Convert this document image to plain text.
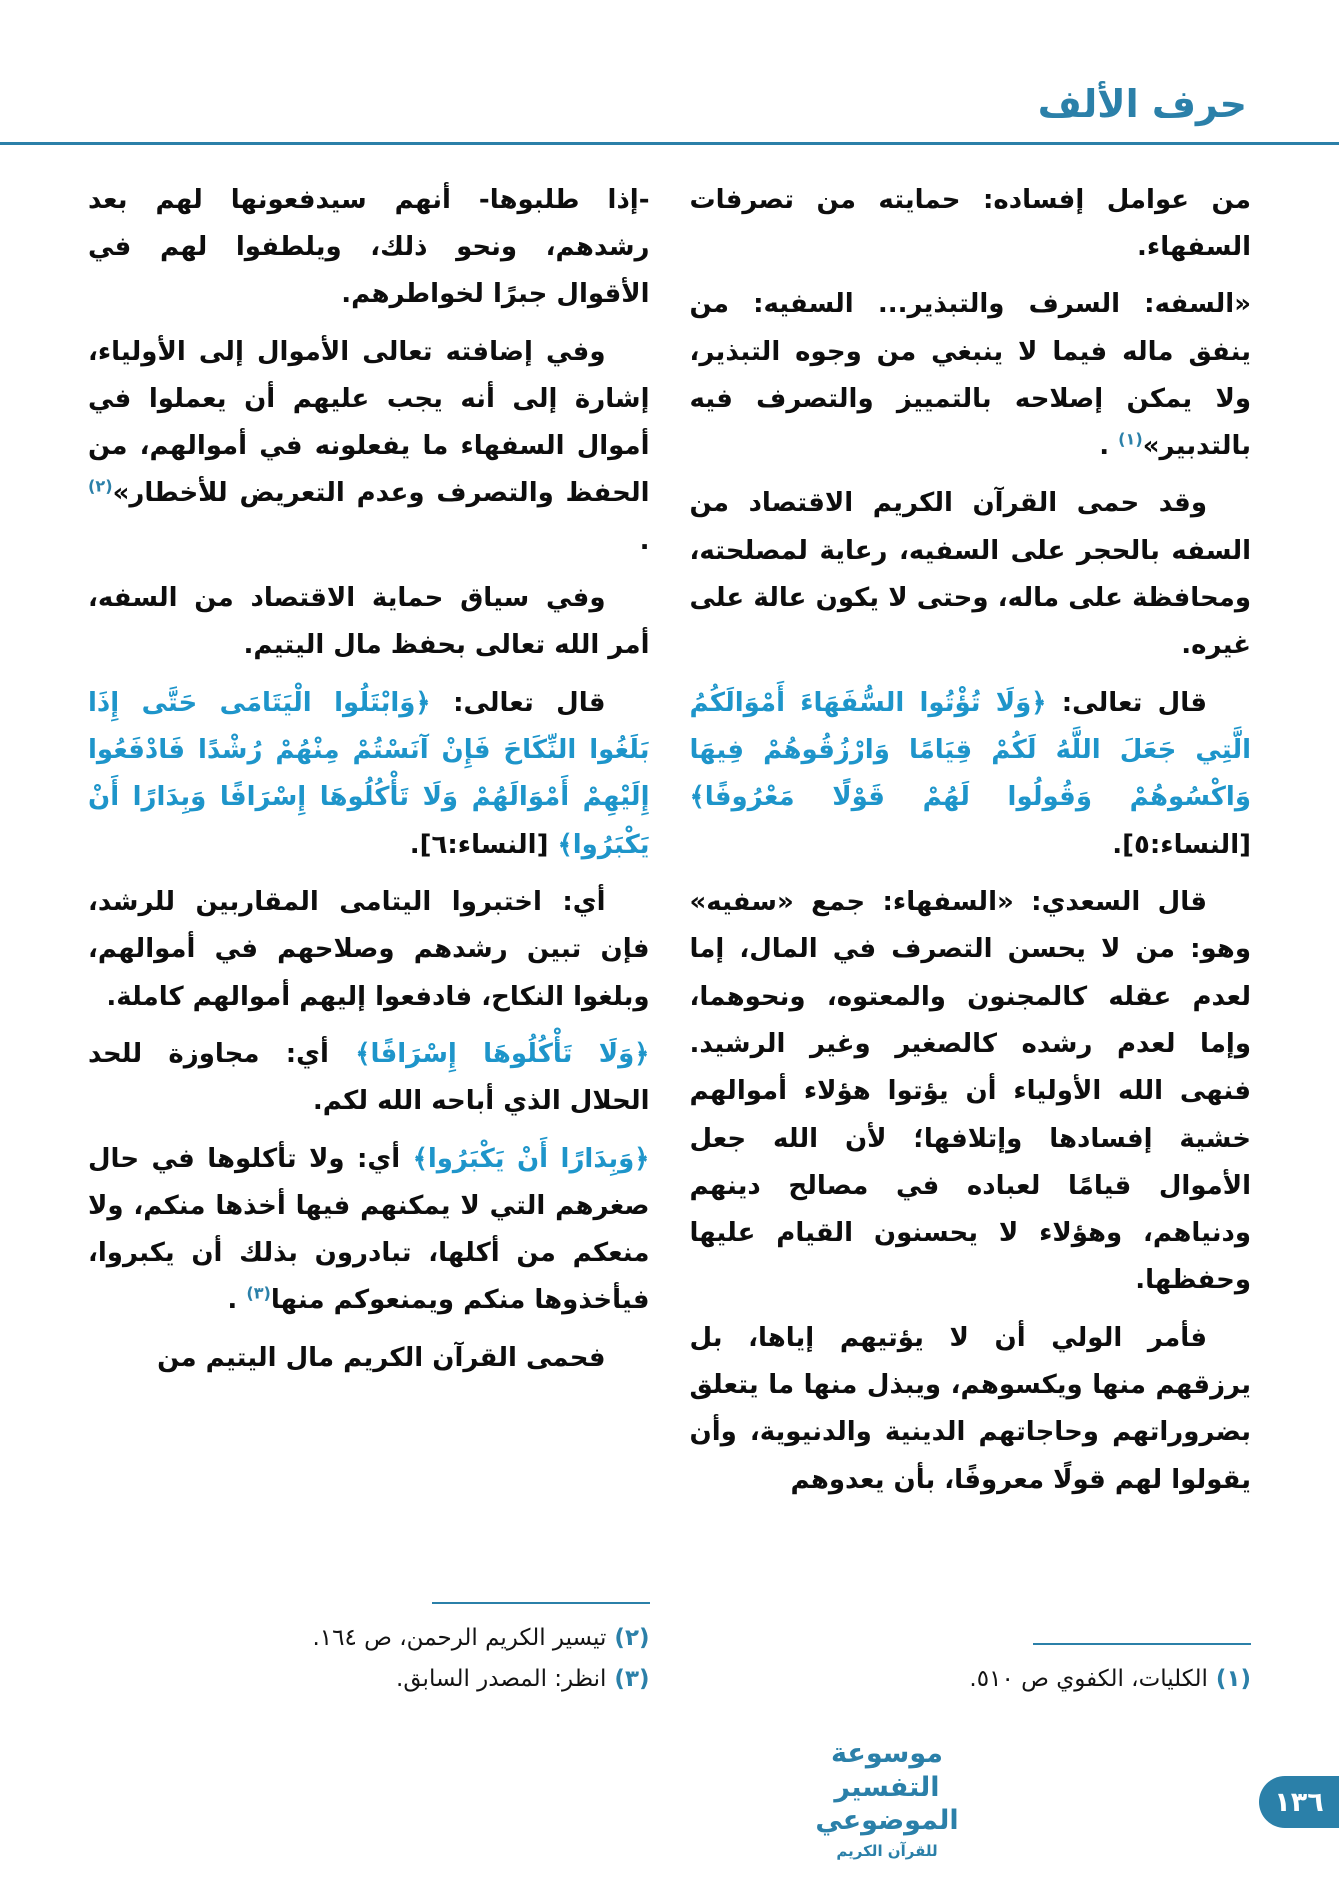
حرف الألف

من عوامل إفساده: حمايته من تصرفات السفهاء.

«السفه: السرف والتبذير... السفيه: من ينفق ماله فيما لا ينبغي من وجوه التبذير، ولا يمكن إصلاحه بالتمييز والتصرف فيه بالتدبير»$^{(١)}$ .

وقد حمى القرآن الكريم الاقتصاد من السفه بالحجر على السفيه، رعاية لمصلحته، ومحافظة على ماله، وحتى لا يكون عالة على غيره.

قال تعالى: ﴿وَلَا تُؤْتُوا السُّفَهَاءَ أَمْوَالَكُمُ الَّتِي جَعَلَ اللَّهُ لَكُمْ قِيَامًا وَارْزُقُوهُمْ فِيهَا وَاكْسُوهُمْ وَقُولُوا لَهُمْ قَوْلًا مَعْرُوفًا﴾ [النساء:٥].

قال السعدي: «السفهاء: جمع «سفيه» وهو: من لا يحسن التصرف في المال، إما لعدم عقله كالمجنون والمعتوه، ونحوهما، وإما لعدم رشده كالصغير وغير الرشيد. فنهى الله الأولياء أن يؤتوا هؤلاء أموالهم خشية إفسادها وإتلافها؛ لأن الله جعل الأموال قيامًا لعباده في مصالح دينهم ودنياهم، وهؤلاء لا يحسنون القيام عليها وحفظها.

فأمر الولي أن لا يؤتيهم إياها، بل يرزقهم منها ويكسوهم، ويبذل منها ما يتعلق بضروراتهم وحاجاتهم الدينية والدنيوية، وأن يقولوا لهم قولًا معروفًا، بأن يعدوهم

(١) الكليات، الكفوي ص ٥١٠.

-إذا طلبوها- أنهم سيدفعونها لهم بعد رشدهم، ونحو ذلك، ويلطفوا لهم في الأقوال جبرًا لخواطرهم.

وفي إضافته تعالى الأموال إلى الأولياء، إشارة إلى أنه يجب عليهم أن يعملوا في أموال السفهاء ما يفعلونه في أموالهم، من الحفظ والتصرف وعدم التعريض للأخطار»$^{(٢)}$ .

وفي سياق حماية الاقتصاد من السفه، أمر الله تعالى بحفظ مال اليتيم.

قال تعالى: ﴿وَابْتَلُوا الْيَتَامَى حَتَّى إِذَا بَلَغُوا النِّكَاحَ فَإِنْ آنَسْتُمْ مِنْهُمْ رُشْدًا فَادْفَعُوا إِلَيْهِمْ أَمْوَالَهُمْ وَلَا تَأْكُلُوهَا إِسْرَافًا وَبِدَارًا أَنْ يَكْبَرُوا﴾ [النساء:٦].

أي: اختبروا اليتامى المقاربين للرشد، فإن تبين رشدهم وصلاحهم في أموالهم، وبلغوا النكاح، فادفعوا إليهم أموالهم كاملة.

﴿وَلَا تَأْكُلُوهَا إِسْرَافًا﴾ أي: مجاوزة للحد الحلال الذي أباحه الله لكم.

﴿وَبِدَارًا أَنْ يَكْبَرُوا﴾ أي: ولا تأكلوها في حال صغرهم التي لا يمكنهم فيها أخذها منكم، ولا منعكم من أكلها، تبادرون بذلك أن يكبروا، فيأخذوها منكم ويمنعوكم منها$^{(٣)}$ .

فحمى القرآن الكريم مال اليتيم من

(٢) تيسير الكريم الرحمن، ص ١٦٤.
(٣) انظر: المصدر السابق.
موسوعة التفسير الموضوعي
للقرآن الكريم
١٣٦
